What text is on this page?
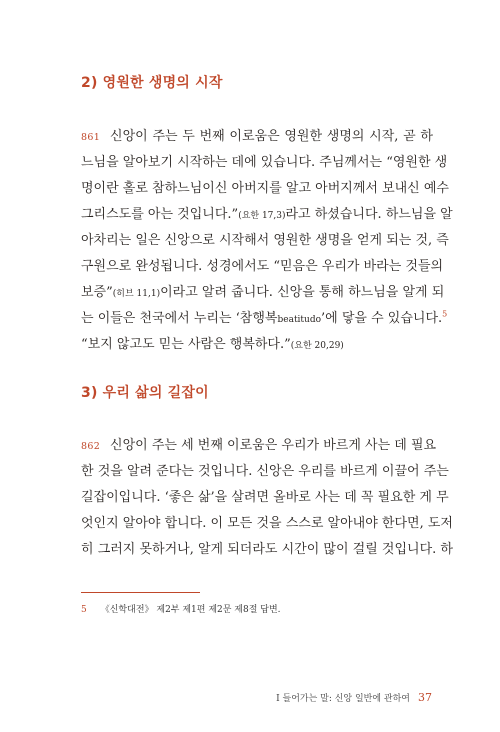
2) 영원한 생명의 시작
861 신앙이 주는 두 번째 이로움은 영원한 생명의 시작, 곧 하
느님을 알아보기 시작하는 데에 있습니다. 주님께서는 “영원한 생
명이란 홀로 참하느님이신 아버지를 알고 아버지께서 보내신 예수
그리스도를 아는 것입니다.”(요한 17,3)라고 하셨습니다. 하느님을 알
아차리는 일은 신앙으로 시작해서 영원한 생명을 얻게 되는 것, 즉
구원으로 완성됩니다. 성경에서도 “믿음은 우리가 바라는 것들의
보증”(히브 11,1)이라고 알려 줍니다. 신앙을 통해 하느님을 알게 되
는 이들은 천국에서 누리는 ‘참행복beatitudo’에 닿을 수 있습니다.$^5$
“보지 않고도 믿는 사람은 행복하다.”(요한 20,29)
3) 우리 삶의 길잡이
862 신앙이 주는 세 번째 이로움은 우리가 바르게 사는 데 필요
한 것을 알려 준다는 것입니다. 신앙은 우리를 바르게 이끌어 주는
길잡이입니다. ‘좋은 삶’을 살려면 올바로 사는 데 꼭 필요한 게 무
엇인지 알아야 합니다. 이 모든 것을 스스로 알아내야 한다면, 도저
히 그러지 못하거나, 알게 되더라도 시간이 많이 걸릴 것입니다. 하
5 《신학대전》 제2부 제1편 제2문 제8절 답변.
I 들어가는 말: 신앙 일반에 관하여 37
